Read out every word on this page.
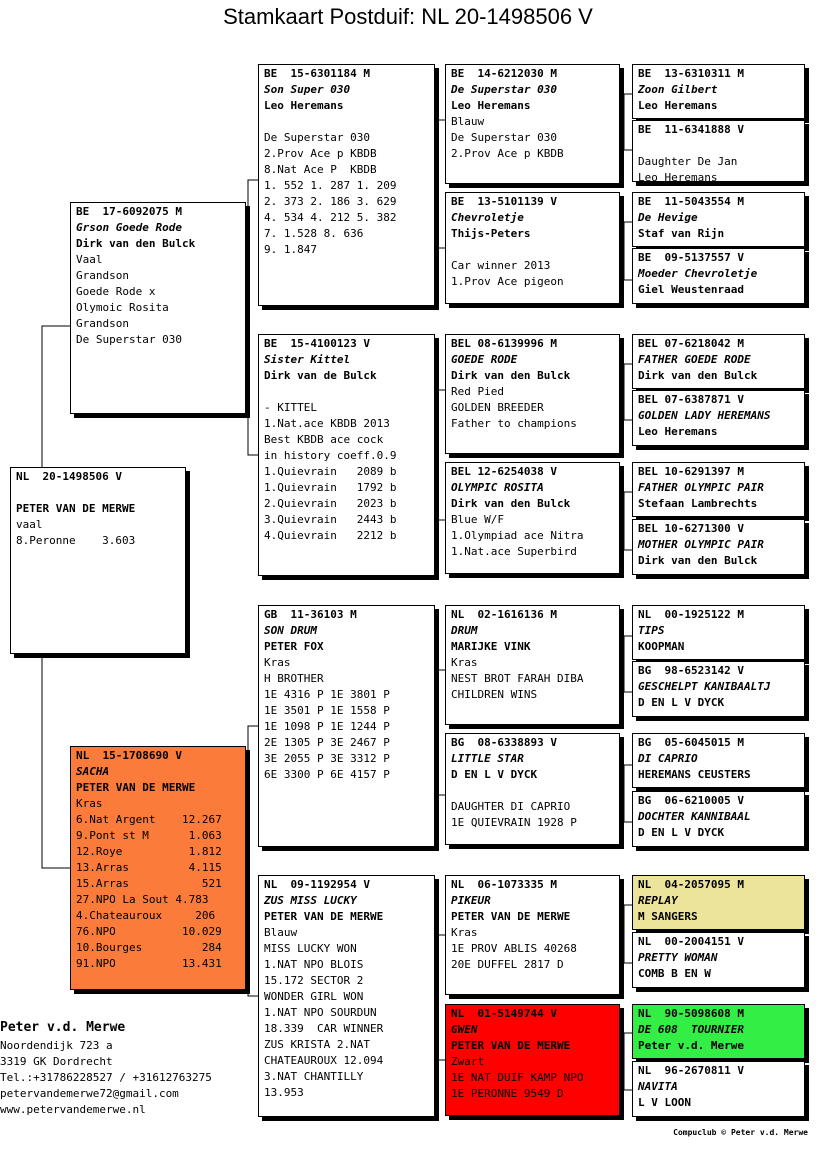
Stamkaart Postduif: NL 20-1498506 V
NL  20-1498506 V
PETER VAN DE MERWE
vaal
8.Peronne    3.603
BE  17-6092075 M
Grson Goede Rode
Dirk van den Bulck
Vaal
Grandson
Goede Rode x
Olymoic Rosita
Grandson
De Superstar 030
NL  15-1708690 V
SACHA
PETER VAN DE MERWE
Kras
6.Nat Argent    12.267
9.Pont st M      1.063
12.Roye          1.812
13.Arras         4.115
15.Arras           521
27.NPO La Sout 4.783
4.Chateauroux     206
76.NPO          10.029
10.Bourges         284
91.NPO          13.431
BE  15-6301184 M
Son Super 030
Leo Heremans
De Superstar 030
2.Prov Ace p KBDB
8.Nat Ace P  KBDB
1. 552 1. 287 1. 209
2. 373 2. 186 3. 629
4. 534 4. 212 5. 382
7. 1.528 8. 636
9. 1.847
BE  15-4100123 V
Sister Kittel
Dirk van de Bulck
- KITTEL
1.Nat.ace KBDB 2013
Best KBDB ace cock
in history coeff.0.9
1.Quievrain   2089 b
1.Quievrain   1792 b
2.Quievrain   2023 b
3.Quievrain   2443 b
4.Quievrain   2212 b
GB  11-36103 M
SON DRUM
PETER FOX
Kras
H BROTHER
1E 4316 P 1E 3801 P
1E 3501 P 1E 1558 P
1E 1098 P 1E 1244 P
2E 1305 P 3E 2467 P
3E 2055 P 3E 3312 P
6E 3300 P 6E 4157 P
NL  09-1192954 V
ZUS MISS LUCKY
PETER VAN DE MERWE
Blauw
MISS LUCKY WON
1.NAT NPO BLOIS
15.172 SECTOR 2
WONDER GIRL WON
1.NAT NPO SOURDUN
18.339  CAR WINNER
ZUS KRISTA 2.NAT
CHATEAUROUX 12.094
3.NAT CHANTILLY
13.953
BE  14-6212030 M
De Superstar 030
Leo Heremans
Blauw
De Superstar 030
2.Prov Ace p KBDB
BE  13-5101139 V
Chevroletje
Thijs-Peters
Car winner 2013
1.Prov Ace pigeon
BEL 08-6139996 M
GOEDE RODE
Dirk van den Bulck
Red Pied
GOLDEN BREEDER
Father to champions
BEL 12-6254038 V
OLYMPIC ROSITA
Dirk van den Bulck
Blue W/F
1.Olympiad ace Nitra
1.Nat.ace Superbird
NL  02-1616136 M
DRUM
MARIJKE VINK
Kras
NEST BROT FARAH DIBA
CHILDREN WINS
BG  08-6338893 V
LITTLE STAR
D EN L V DYCK
DAUGHTER DI CAPRIO
1E QUIEVRAIN 1928 P
NL  06-1073335 M
PIKEUR
PETER VAN DE MERWE
Kras
1E PROV ABLIS 40268
20E DUFFEL 2817 D
NL  01-5149744 V
GWEN
PETER VAN DE MERWE
Zwart
1E NAT DUIF KAMP NPO
1E PERONNE 9549 D
BE  13-6310311 M
Zoon Gilbert
Leo Heremans
BE  11-6341888 V
Daughter De Jan
Leo Heremans
BE  11-5043554 M
De Hevige
Staf van Rijn
BE  09-5137557 V
Moeder Chevroletje
Giel Weustenraad
BEL 07-6218042 M
FATHER GOEDE RODE
Dirk van den Bulck
BEL 07-6387871 V
GOLDEN LADY HEREMANS
Leo Heremans
BEL 10-6291397 M
FATHER OLYMPIC PAIR
Stefaan Lambrechts
BEL 10-6271300 V
MOTHER OLYMPIC PAIR
Dirk van den Bulck
NL  00-1925122 M
TIPS
KOOPMAN
BG  98-6523142 V
GESCHELPT KANIBAALTJ
D EN L V DYCK
BG  05-6045015 M
DI CAPRIO
HEREMANS CEUSTERS
BG  06-6210005 V
DOCHTER KANNIBAAL
D EN L V DYCK
NL  04-2057095 M
REPLAY
M SANGERS
NL  00-2004151 V
PRETTY WOMAN
COMB B EN W
NL  90-5098608 M
DE 608  TOURNIER
Peter v.d. Merwe
NL  96-2670811 V
NAVITA
L V LOON
Peter v.d. Merwe
Noordendijk 723 a
3319 GK Dordrecht
Tel.:+31786228527 / +31612763275
petervandemerwe72@gmail.com
www.petervandemerwe.nl
Compuclub © Peter v.d. Merwe
